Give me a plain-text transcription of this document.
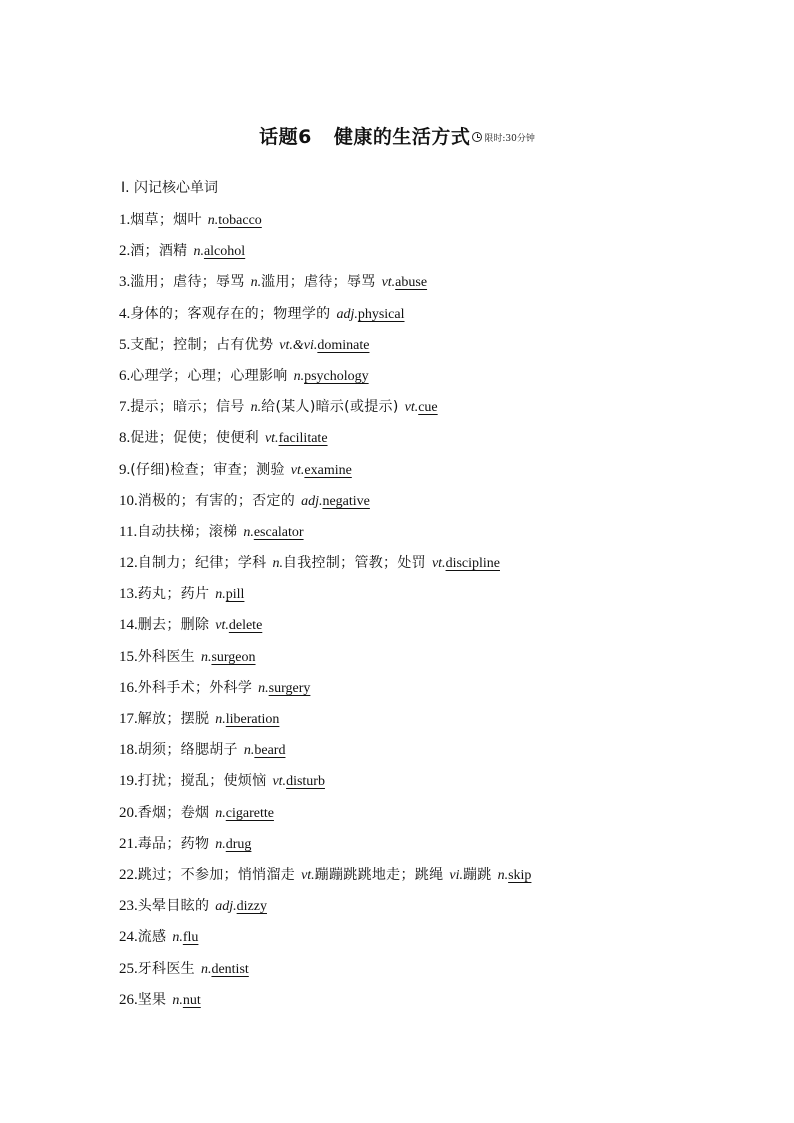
话题6 健康的生活方式 限时:30分钟
Ⅰ. 闪记核心单词
1.烟草；烟叶 n.tobacco
2.酒；酒精 n.alcohol
3.滥用；虐待；辱骂 n.滥用；虐待；辱骂 vt.abuse
4.身体的；客观存在的；物理学的 adj.physical
5.支配；控制；占有优势 vt.&vi.dominate
6.心理学；心理；心理影响 n.psychology
7.提示；暗示；信号 n.给(某人)暗示(或提示) vt.cue
8.促进；促使；使便利 vt.facilitate
9.(仔细)检查；审查；测验 vt.examine
10.消极的；有害的；否定的 adj.negative
11.自动扶梯；滚梯 n.escalator
12.自制力；纪律；学科 n.自我控制；管教；处罚 vt.discipline
13.药丸；药片 n.pill
14.删去；删除 vt.delete
15.外科医生 n.surgeon
16.外科手术；外科学 n.surgery
17.解放；摆脱 n.liberation
18.胡须；络腮胡子 n.beard
19.打扰；搅乱；使烦恼 vt.disturb
20.香烟；卷烟 n.cigarette
21.毒品；药物 n.drug
22.跳过；不参加；悄悄溜走 vt.蹦蹦跳跳地走；跳绳 vi.蹦跳 n.skip
23.头晕目眩的 adj.dizzy
24.流感 n.flu
25.牙科医生 n.dentist
26.坚果 n.nut
